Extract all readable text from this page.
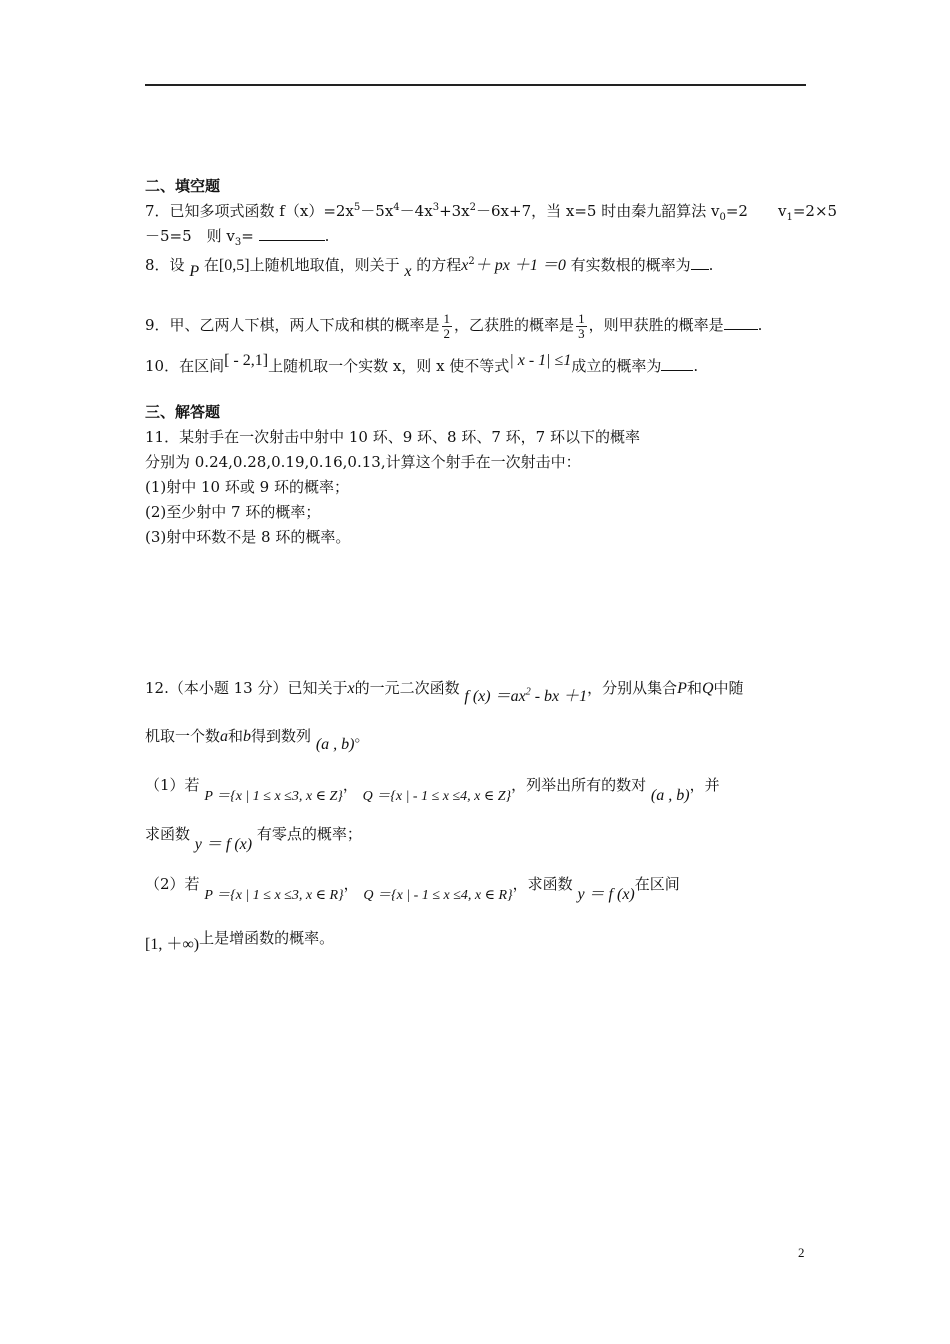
二、填空题
7．已知多项式函数 $f(x)=2x^5-5x^4-4x^3+3x^2-6x+7$，当 x=5 时由秦九韶算法 $v_0=2$　　$v_1=2\times 5$
－5=5　则 $v_3=$	.
8．设 P 在[0,5]上随机地取值，则关于 x 的方程$x^2+$ px ＋1 ＝0 有实数根的概率为 .
9．甲、乙两人下棋，两人下成和棋的概率是 $\frac{1}{2}$ ，乙获胜的概率是 $\frac{1}{3}$ ，则甲获胜的概率是 .
10．在区间[ - 2,1]上随机取一个实数 x，则 x 使不等式| x - 1| ≤1成立的概率为 .
三、解答题
11．某射手在一次射击中射中 10 环、9 环、8 环、7 环，7 环以下的概率
分别为 0.24,0.28,0.19,0.16,0.13,计算这个射手在一次射击中：
(1)射中 10 环或 9 环的概率；
(2)至少射中 7 环的概率；
(3)射中环数不是 8 环的概率。
12.（本小题 13 分）已知关于x的一元二次函数 f $(x) =ax^2$ - bx ＋1，分别从集合P和Q中随
机取一个数a和b得到数列 (a , b)。
（1）若 P ＝{x | 1 ≤ x ≤3, x ∈ Z}， Q ＝{x | - 1 ≤ x ≤4, x ∈ Z}，列举出所有的数对 (a , b)，并
求函数 y ＝ f (x) 有零点的概率；
（2）若 P ＝{x | 1 ≤ x ≤3, x ∈ R}， Q ＝{x | - 1 ≤ x ≤4, x ∈ R}，求函数 y ＝ f (x)在区间
[1, ＋∞)上是增函数的概率。
2
